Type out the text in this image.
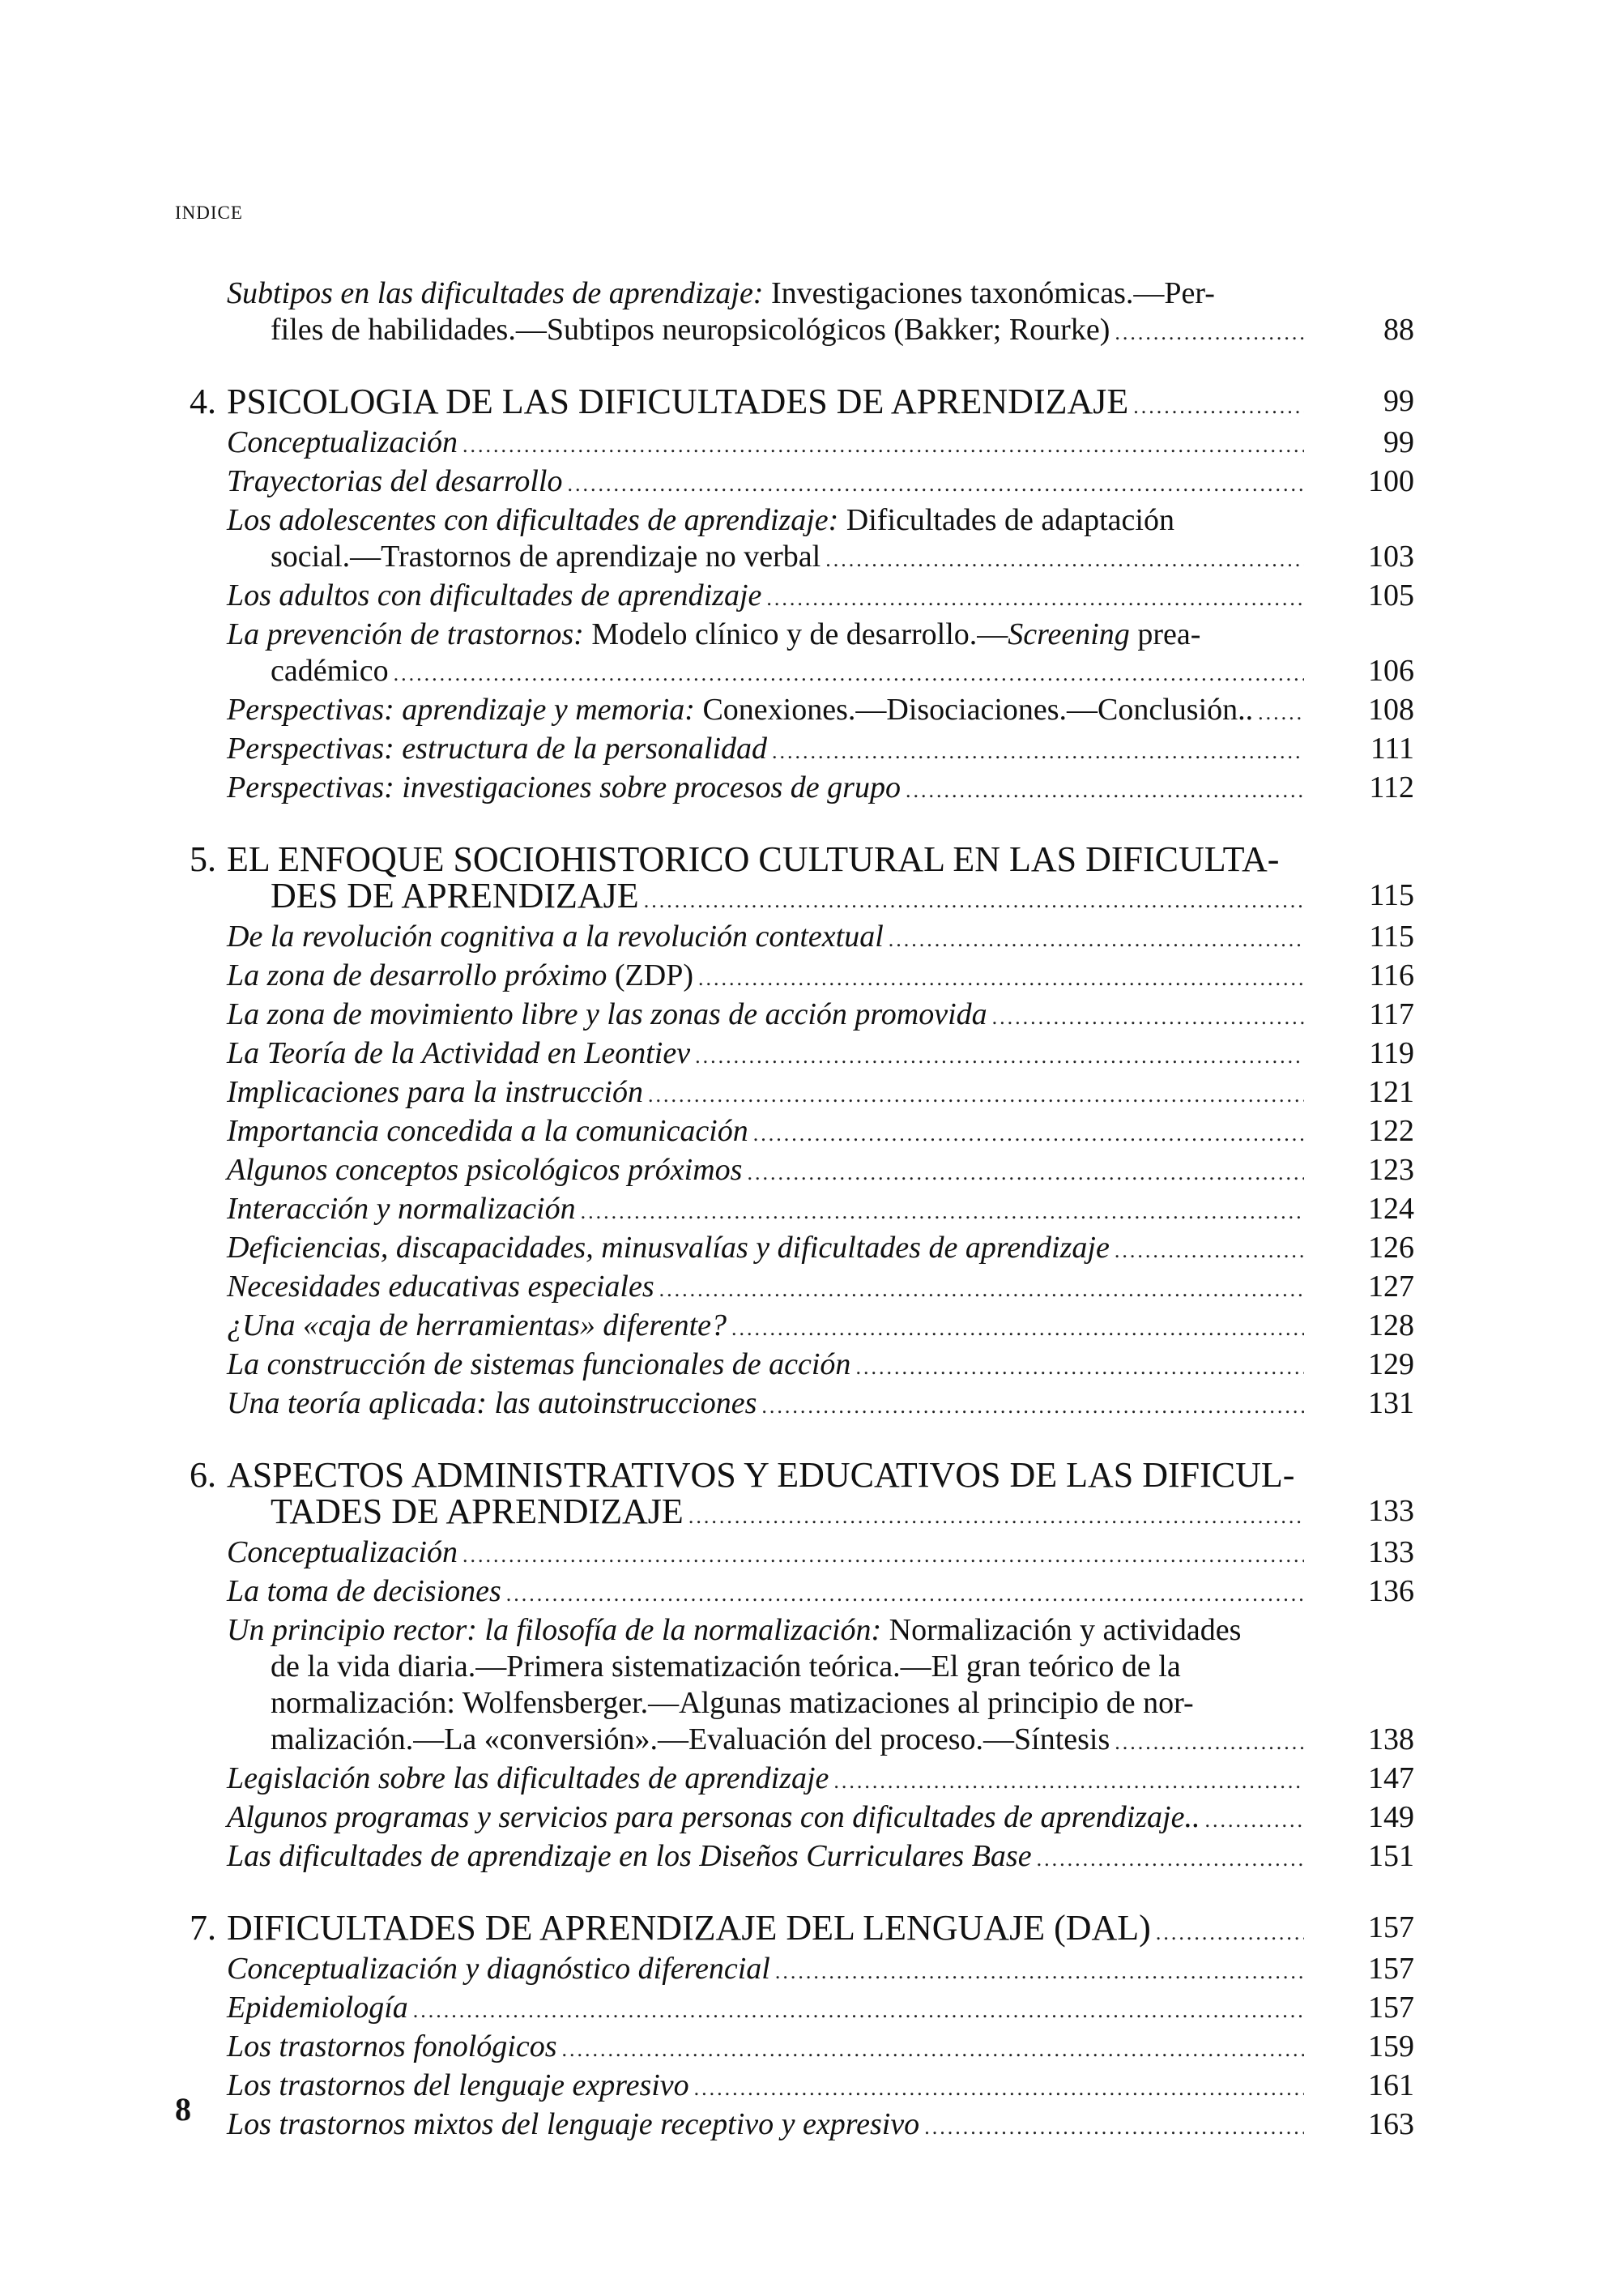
INDICE
Subtipos en las dificultades de aprendizaje: Investigaciones taxonómicas.—Per-
files de habilidades.—Subtipos neuropsicológicos (Bakker; Rourke) .....	88
4. PSICOLOGIA DE LAS DIFICULTADES DE APRENDIZAJE .....	99
Conceptualización .....	99
Trayectorias del desarrollo .....	100
Los adolescentes con dificultades de aprendizaje: Dificultades de adaptación
social.—Trastornos de aprendizaje no verbal .....	103
Los adultos con dificultades de aprendizaje .....	105
La prevención de trastornos: Modelo clínico y de desarrollo.—Screening prea-
cadémico .....	106
Perspectivas: aprendizaje y memoria: Conexiones.—Disociaciones.—Conclusión.. .....	108
Perspectivas: estructura de la personalidad .....	111
Perspectivas: investigaciones sobre procesos de grupo .....	112
5. EL ENFOQUE SOCIOHISTORICO CULTURAL EN LAS DIFICULTA-
DES DE APRENDIZAJE .....	115
De la revolución cognitiva a la revolución contextual .....	115
La zona de desarrollo próximo (ZDP) .....	116
La zona de movimiento libre y las zonas de acción promovida .....	117
La Teoría de la Actividad en Leontiev .....	119
Implicaciones para la instrucción .....	121
Importancia concedida a la comunicación .....	122
Algunos conceptos psicológicos próximos .....	123
Interacción y normalización .....	124
Deficiencias, discapacidades, minusvalías y dificultades de aprendizaje .....	126
Necesidades educativas especiales .....	127
¿Una «caja de herramientas» diferente? .....	128
La construcción de sistemas funcionales de acción .....	129
Una teoría aplicada: las autoinstrucciones .....	131
6. ASPECTOS ADMINISTRATIVOS Y EDUCATIVOS DE LAS DIFICUL-
TADES DE APRENDIZAJE .....	133
Conceptualización .....	133
La toma de decisiones .....	136
Un principio rector: la filosofía de la normalización: Normalización y actividades
de la vida diaria.—Primera sistematización teórica.—El gran teórico de la
normalización: Wolfensberger.—Algunas matizaciones al principio de nor-
malización.—La «conversión».—Evaluación del proceso.—Síntesis .....	138
Legislación sobre las dificultades de aprendizaje .....	147
Algunos programas y servicios para personas con dificultades de aprendizaje.. .....	149
Las dificultades de aprendizaje en los Diseños Curriculares Base .....	151
7. DIFICULTADES DE APRENDIZAJE DEL LENGUAJE (DAL) .....	157
Conceptualización y diagnóstico diferencial .....	157
Epidemiología .....	157
Los trastornos fonológicos .....	159
Los trastornos del lenguaje expresivo .....	161
Los trastornos mixtos del lenguaje receptivo y expresivo .....	163
8
